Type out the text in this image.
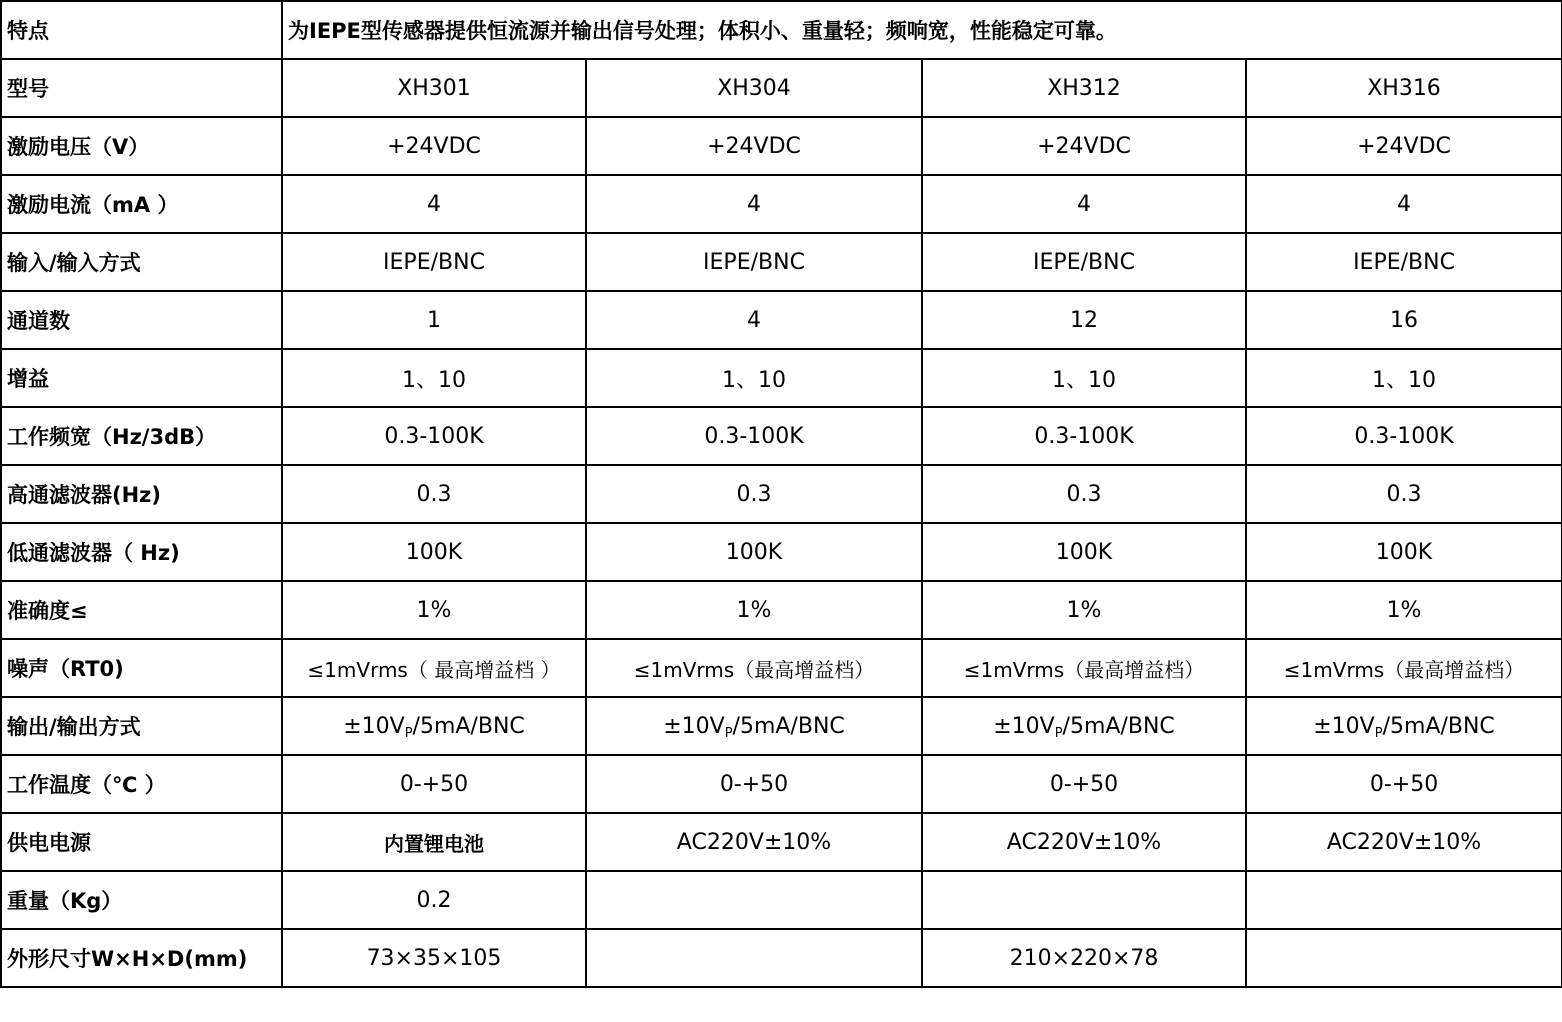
特点	为IEPE型传感器提供恒流源并输出信号处理；体积小、重量轻；频响宽，性能稳定可靠。			
型号	XH301	XH304	XH312	XH316
激励电压（V）	+24VDC	+24VDC	+24VDC	+24VDC
激励电流（mA ）	4	4	4	4
输入/输入方式	IEPE/BNC	IEPE/BNC	IEPE/BNC	IEPE/BNC
通道数	1	4	12	16
增益	1、10	1、10	1、10	1、10
工作频宽（Hz/3dB）	0.3-100K	0.3-100K	0.3-100K	0.3-100K
高通滤波器(Hz)	0.3	0.3	0.3	0.3
低通滤波器（ Hz)	100K	100K	100K	100K
准确度≤	1%	1%	1%	1%
噪声（RT0)	≤1mVrms（ 最高增益档 ）	≤1mVrms（最高增益档）	≤1mVrms（最高增益档）	≤1mVrms（最高增益档）
输出/输出方式	$\pm 10V_P/5mA$/BNC	$\pm 10V_P/5mA$/BNC	$\pm 10V_P/5mA$/BNC	$\pm 10V_P/5mA$/BNC
工作温度（℃ ）	0-+50	0-+50	0-+50	0-+50
供电电源	内置锂电池	AC220V±10%	AC220V±10%	AC220V±10%
重量（Kg）	0.2			
外形尺寸W×H×D(mm)	73×35×105		210×220×78	
